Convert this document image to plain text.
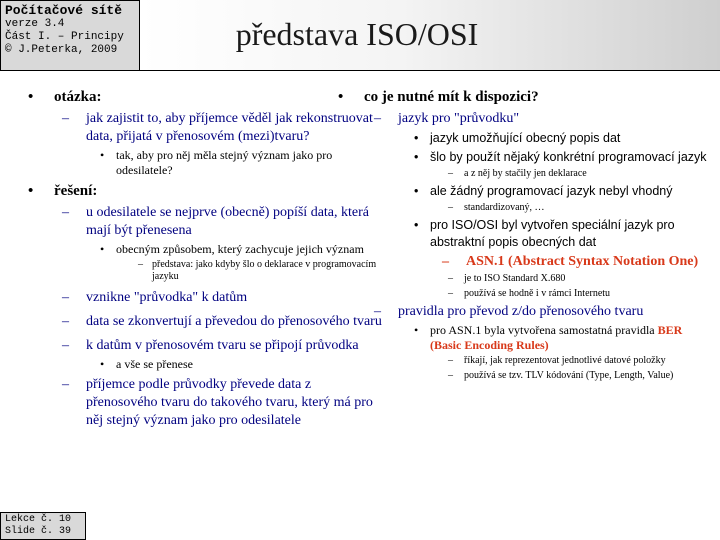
Počítačové sítě
verze 3.4
Část I. – Principy
© J.Peterka, 2009	představa ISO/OSI
• otázka:
– jak zajistit to, aby příjemce věděl jak rekonstruovat data, přijatá v přenosovém (mezi)tvaru?
• tak, aby pro něj měla stejný význam jako pro odesilatele?
• řešení:
– u odesilatele se nejprve (obecně) popíší data, která mají být přenesena
• obecným způsobem, který zachycuje jejich význam
– představa: jako kdyby šlo o deklarace v programovacím jazyku
– vznikne "průvodka" k datům
– data se zkonvertují a převedou do přenosového tvaru
– k datům v přenosovém tvaru se připojí průvodka
• a vše se přenese
– příjemce podle průvodky převede data z přenosového tvaru do takového tvaru, který má pro něj stejný význam jako pro odesilatele
• co je nutné mít k dispozici?
– jazyk pro "průvodku"
• jazyk umožňující obecný popis dat
• šlo by použít nějaký konkrétní programovací jazyk
– a z něj by stačily jen deklarace
• ale žádný programovací jazyk nebyl vhodný
– standardizovaný, …
• pro ISO/OSI byl vytvořen speciální jazyk pro abstraktní popis obecných dat
– ASN.1 (Abstract Syntax Notation One)
– je to ISO Standard X.680
– používá se hodně i v rámci Internetu
– pravidla pro převod z/do přenosového tvaru
• pro ASN.1 byla vytvořena samostatná pravidla BER (Basic Encoding Rules)
– říkají, jak reprezentovat jednotlivé datové položky
– používá se tzv. TLV kódování (Type, Length, Value)
Lekce č. 10
Slide č. 39
